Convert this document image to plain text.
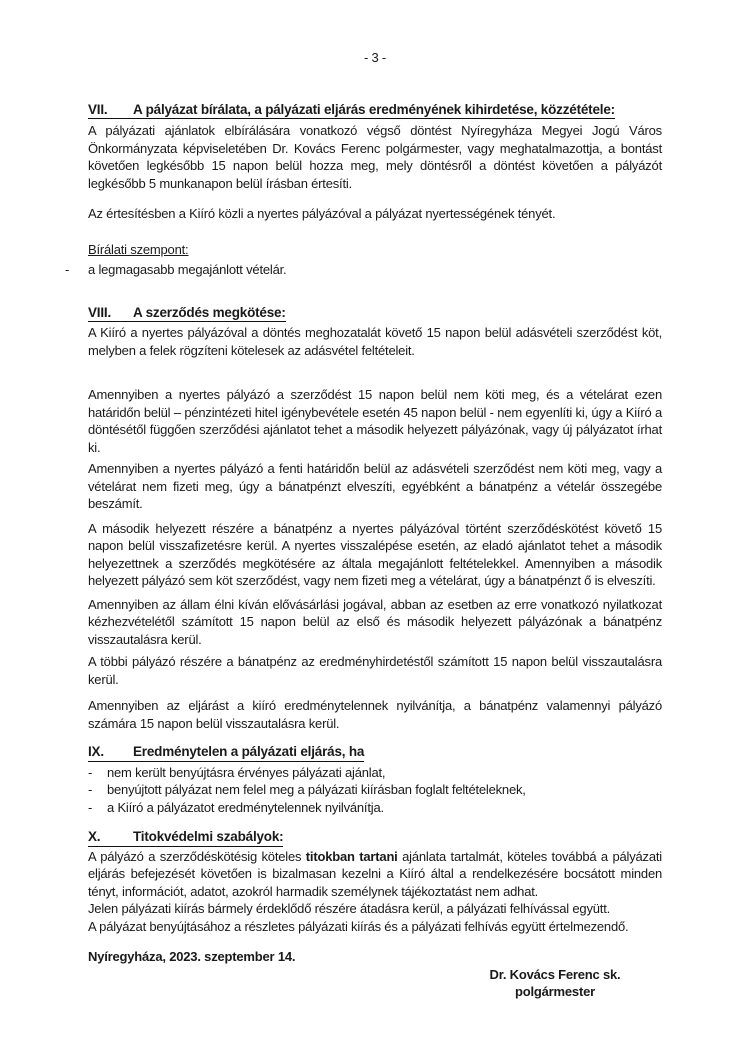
- 3 -
VII. A pályázat bírálata, a pályázati eljárás eredményének kihirdetése, közzététele:

A pályázati ajánlatok elbírálására vonatkozó végső döntést Nyíregyháza Megyei Jogú Város Önkormányzata képviseletében Dr. Kovács Ferenc polgármester, vagy meghatalmazottja, a bontást követően legkésőbb 15 napon belül hozza meg, mely döntésről a döntést követően a pályázót legkésőbb 5 munkanapon belül írásban értesíti.

Az értesítésben a Kiíró közli a nyertes pályázóval a pályázat nyertességének tényét.

Bírálati szempont:
-	a legmagasabb megajánlott vételár.
VIII. A szerződés megkötése:

A Kiíró a nyertes pályázóval a döntés meghozatalát követő 15 napon belül adásvételi szerződést köt, melyben a felek rögzíteni kötelesek az adásvétel feltételeit.

Amennyiben a nyertes pályázó a szerződést 15 napon belül nem köti meg, és a vételárat ezen határidőn belül – pénzintézeti hitel igénybevétele esetén 45 napon belül - nem egyenlíti ki, úgy a Kiíró a döntésétől függően szerződési ajánlatot tehet a második helyezett pályázónak, vagy új pályázatot írhat ki.

Amennyiben a nyertes pályázó a fenti határidőn belül az adásvételi szerződést nem köti meg, vagy a vételárat nem fizeti meg, úgy a bánatpénzt elveszíti, egyébként a bánatpénz a vételár összegébe beszámít.

A második helyezett részére a bánatpénz a nyertes pályázóval történt szerződéskötést követő 15 napon belül visszafizetésre kerül. A nyertes visszalépése esetén, az eladó ajánlatot tehet a második helyezettnek a szerződés megkötésére az általa megajánlott feltételekkel. Amennyiben a második helyezett pályázó sem köt szerződést, vagy nem fizeti meg a vételárat, úgy a bánatpénzt ő is elveszíti.

Amennyiben az állam élni kíván elővásárlási jogával, abban az esetben az erre vonatkozó nyilatkozat kézhezvételétől számított 15 napon belül az első és második helyezett pályázónak a bánatpénz visszautalásra kerül.

A többi pályázó részére a bánatpénz az eredményhirdetéstől számított 15 napon belül visszautalásra kerül.

Amennyiben az eljárást a kiíró eredménytelennek nyilvánítja, a bánatpénz valamennyi pályázó számára 15 napon belül visszautalásra kerül.

IX. Eredménytelen a pályázati eljárás, ha
-	nem került benyújtásra érvényes pályázati ajánlat,
-	benyújtott pályázat nem felel meg a pályázati kiírásban foglalt feltételeknek,
-	a Kiíró a pályázatot eredménytelennek nyilvánítja.
X. Titokvédelmi szabályok:

A pályázó a szerződéskötésig köteles titokban tartani ajánlata tartalmát, köteles továbbá a pályázati eljárás befejezését követően is bizalmasan kezelni a Kiíró által a rendelkezésére bocsátott minden tényt, információt, adatot, azokról harmadik személynek tájékoztatást nem adhat.

Jelen pályázati kiírás bármely érdeklődő részére átadásra kerül, a pályázati felhívással együtt.

A pályázat benyújtásához a részletes pályázati kiírás és a pályázati felhívás együtt értelmezendő.

Nyíregyháza, 2023. szeptember 14.

Dr. Kovács Ferenc sk.
polgármester
